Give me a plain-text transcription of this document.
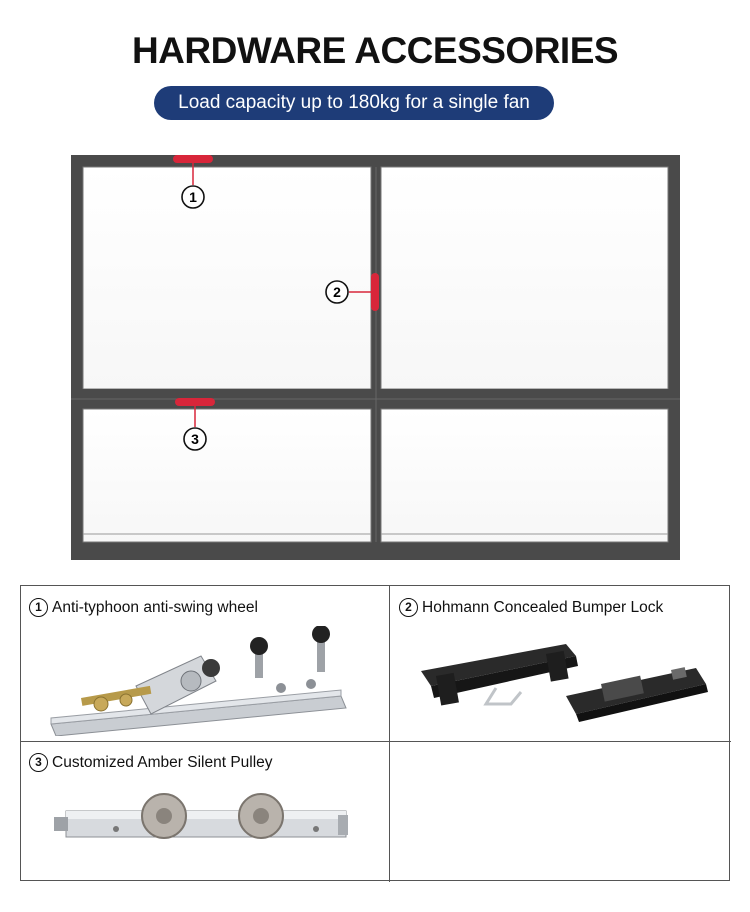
HARDWARE ACCESSORIES
Load capacity up to 180kg for a single fan
1
2
3
1 Anti-typhoon anti-swing wheel	2 Hohmann Concealed Bumper Lock
3 Customized Amber Silent Pulley
